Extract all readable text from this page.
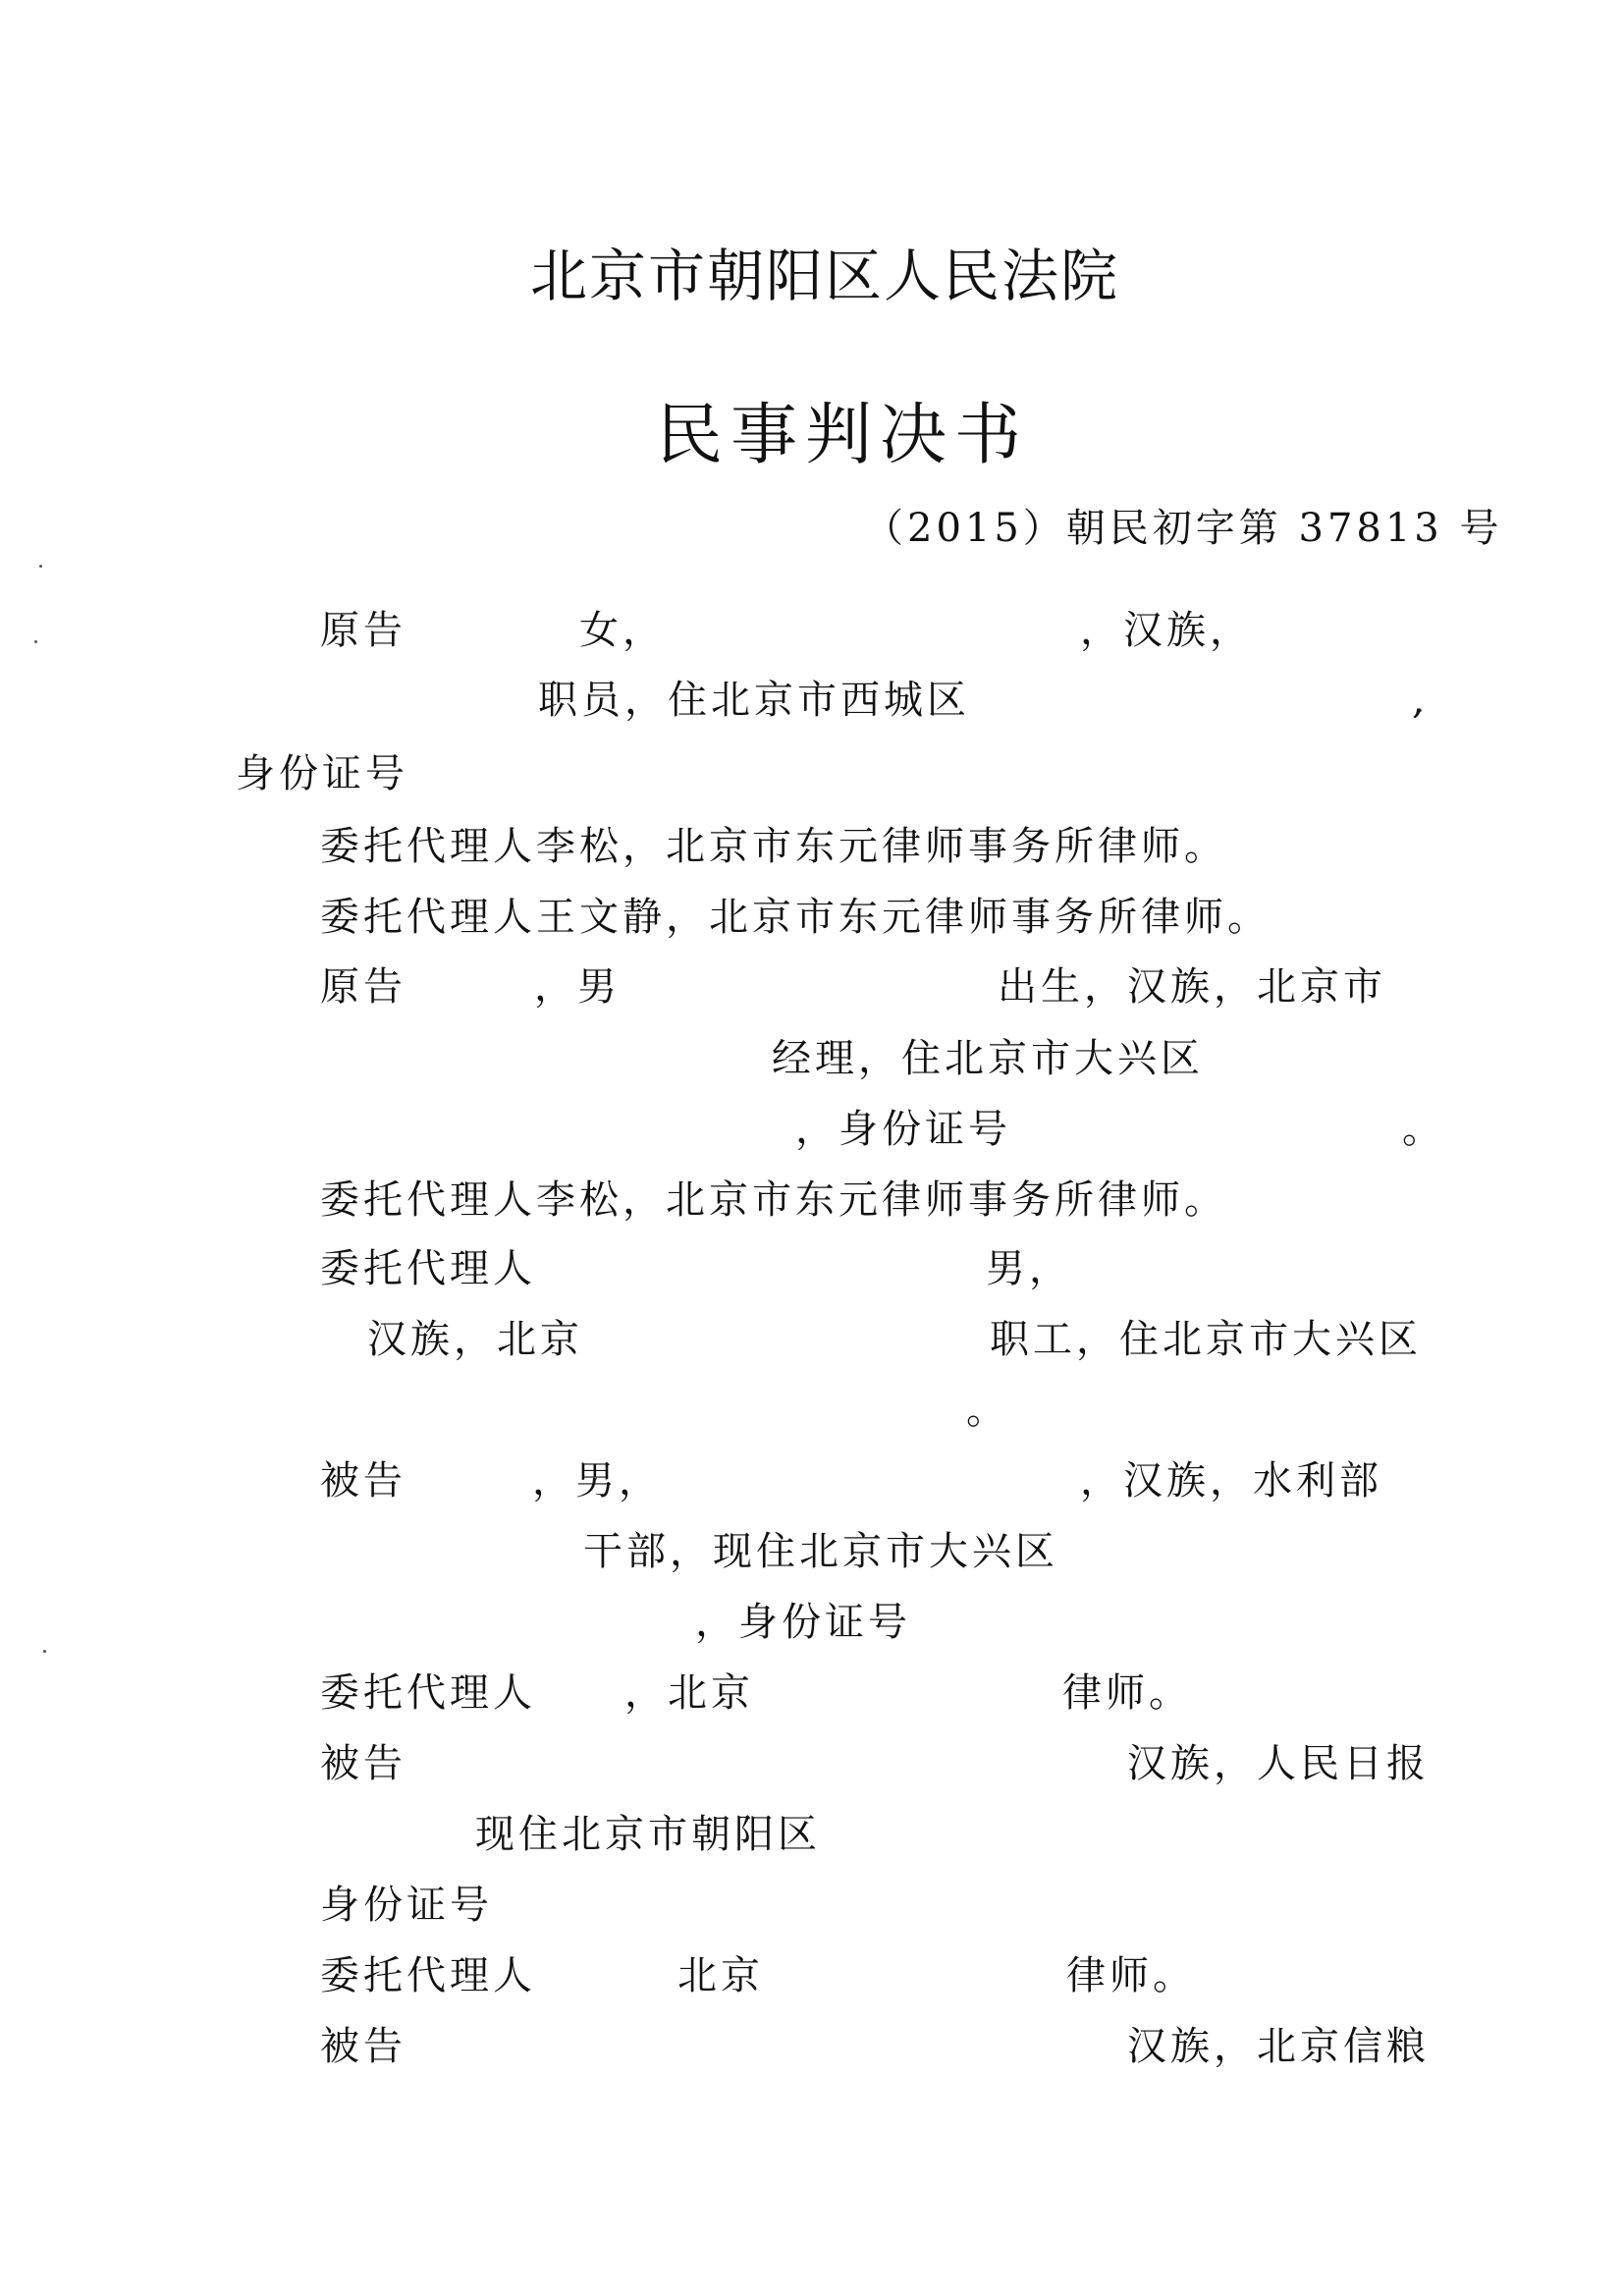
北京市朝阳区人民法院
民事判决书
（2015）朝民初字第 37813 号
原告	女，	，汉族，
职员，住北京市西城区	,
身份证号
委托代理人李松，北京市东元律师事务所律师。
委托代理人王文静，北京市东元律师事务所律师。
原告	，男	出生，汉族，北京市
经理，住北京市大兴区
，身份证号	。
委托代理人李松，北京市东元律师事务所律师。
委托代理人	男，
汉族，北京	职工，住北京市大兴区
。
被告	，男，	，汉族，水利部
干部，现住北京市大兴区
，身份证号
委托代理人 ，北京	律师。
被告	汉族，人民日报
现住北京市朝阳区
身份证号
委托代理人	北京	律师。
被告	汉族，北京信粮
